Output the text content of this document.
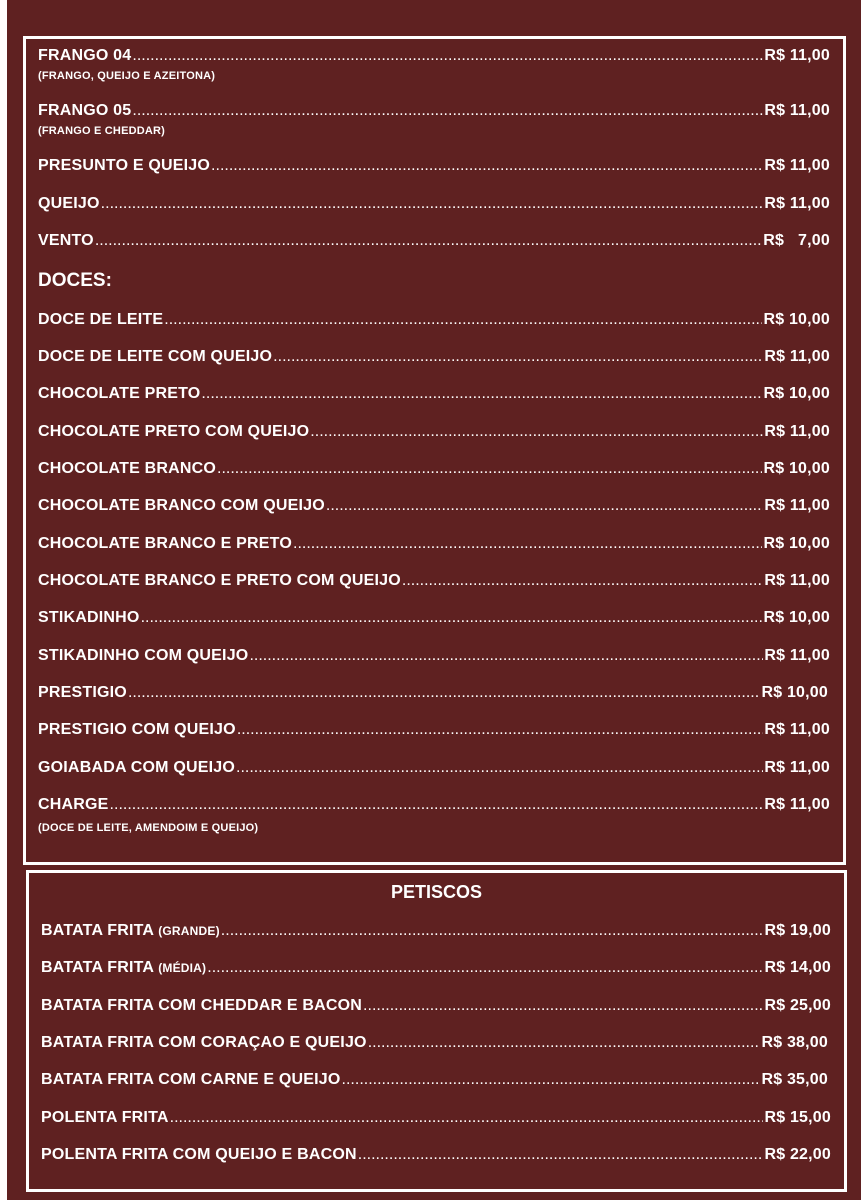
FRANGO 04 .....	R$ 11,00
(FRANGO, QUEIJO E AZEITONA)
FRANGO 05 .....	R$ 11,00
(FRANGO E CHEDDAR)
PRESUNTO E QUEIJO .....	R$ 11,00
QUEIJO .....	R$ 11,00
VENTO .....	R$   7,00
DOCES:
DOCE DE LEITE .....	R$ 10,00
DOCE DE LEITE COM QUEIJO .....	R$ 11,00
CHOCOLATE PRETO .....	R$ 10,00
CHOCOLATE PRETO COM QUEIJO .....	R$ 11,00
CHOCOLATE BRANCO .....	R$ 10,00
CHOCOLATE BRANCO COM QUEIJO .....	R$ 11,00
CHOCOLATE BRANCO E PRETO .....	R$ 10,00
CHOCOLATE BRANCO E PRETO COM QUEIJO .....	R$ 11,00
STIKADINHO .....	R$ 10,00
STIKADINHO COM QUEIJO .....	R$ 11,00
PRESTIGIO .....	R$ 10,00
PRESTIGIO COM QUEIJO .....	R$ 11,00
GOIABADA COM QUEIJO .....	R$ 11,00
CHARGE .....	R$ 11,00
(DOCE DE LEITE, AMENDOIM E QUEIJO)
PETISCOS
BATATA FRITA (GRANDE) .....	R$ 19,00
BATATA FRITA (MÉDIA) .....	R$ 14,00
BATATA FRITA COM CHEDDAR E BACON .....	R$ 25,00
BATATA FRITA COM CORAÇAO E QUEIJO .....	R$ 38,00
BATATA FRITA COM CARNE E QUEIJO .....	R$ 35,00
POLENTA FRITA .....	R$ 15,00
POLENTA FRITA COM QUEIJO E BACON .....	R$ 22,00
